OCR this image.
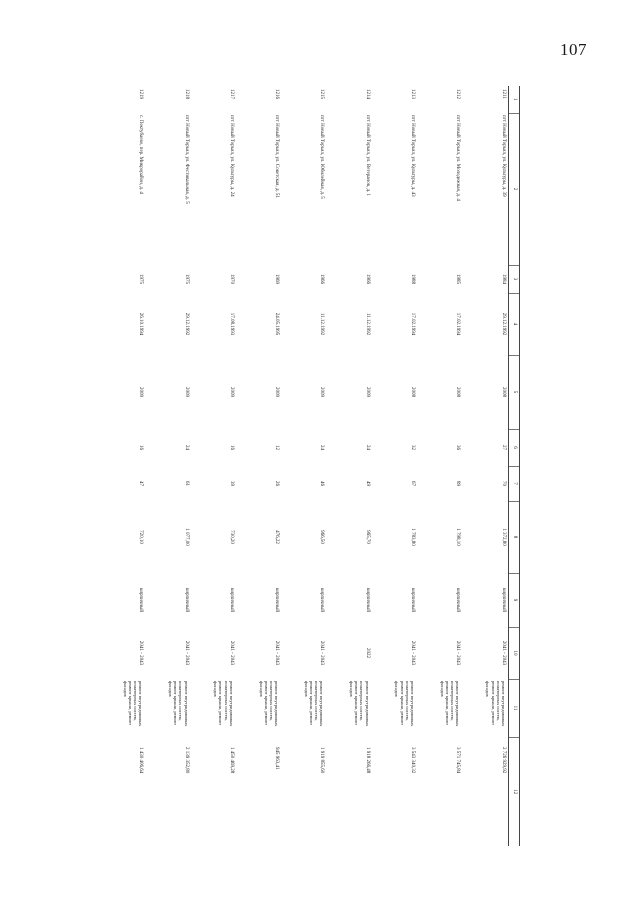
107
1	2	3	4	5	6	7	8	9	10	11	12
1211	пгт Новый Торъял, ул. Культуры, д. 39	1984	29.12.1992	2008	27	70	1 372,80	кирпичный	2041 - 2043	ремонт внутридомовых инженерных систем, ремонт крыши, ремонт фасадов	2 726 929,92
1212	пгт Новый Торъял, ул. Молодежная, д. 4	1985	17.02.1994	2008	36	89	1 798,10	кирпичный	2041 - 2043	ремонт внутридомовых инженерных систем, ремонт крыши, ремонт фасадов	3 571 745,84
1213	пгт Новый Торъял, ул. Культуры, д. 43	1988	17.02.1994	2008	32	67	1 783,80	кирпичный	2041 - 2043	ремонт внутридомовых инженерных систем, ремонт крыши, ремонт фасадов	3 543 340,32
1214	пгт Новый Торъял, ул. Ветеранов, д. 1	1966	11.12.1992	2009	24	49	965,70	кирпичный	2022	ремонт внутридомовых инженерных систем, ремонт крыши, ремонт фасадов	1 918 266,48
1215	пгт Новый Торъял, ул. Юбилейная, д. 5	1966	11.12.1992	2009	24	46	966,50	кирпичный	2041 - 2043	ремонт внутридомовых инженерных систем, ремонт крыши, ремонт фасадов	1 919 855,60
1216	пгт Новый Торъял, ул. Советская, д. 51	1969	24.05.1995	2009	12	26	476,22	кирпичный	2041 - 2043	ремонт внутридомовых инженерных систем, ремонт крыши, ремонт фасадов	945 963,41
1217	пгт Новый Торъял, ул. Культуры, д. 24	1970	17.08.1993	2009	16	39	730,20	кирпичный	2041 - 2043	ремонт внутридомовых инженерных систем, ремонт крыши, ремонт фасадов	1 450 469,28
1218	пгт Новый Торъял, ул. Фестивальная, д. 5	1975	29.12.1992	2009	24	61	1 077,00	кирпичный	2041 - 2043	ремонт внутридомовых инженерных систем, ремонт крыши, ремонт фасадов	2 139 352,80
1219	с. Пектубаево, пер. Микрорайон, д. 4	1975	26.10.1994	2009	16	47	720,10	кирпичный	2041 - 2043	ремонт внутридомовых инженерных систем, ремонт крыши, ремонт фасадов	1 430 406,64
